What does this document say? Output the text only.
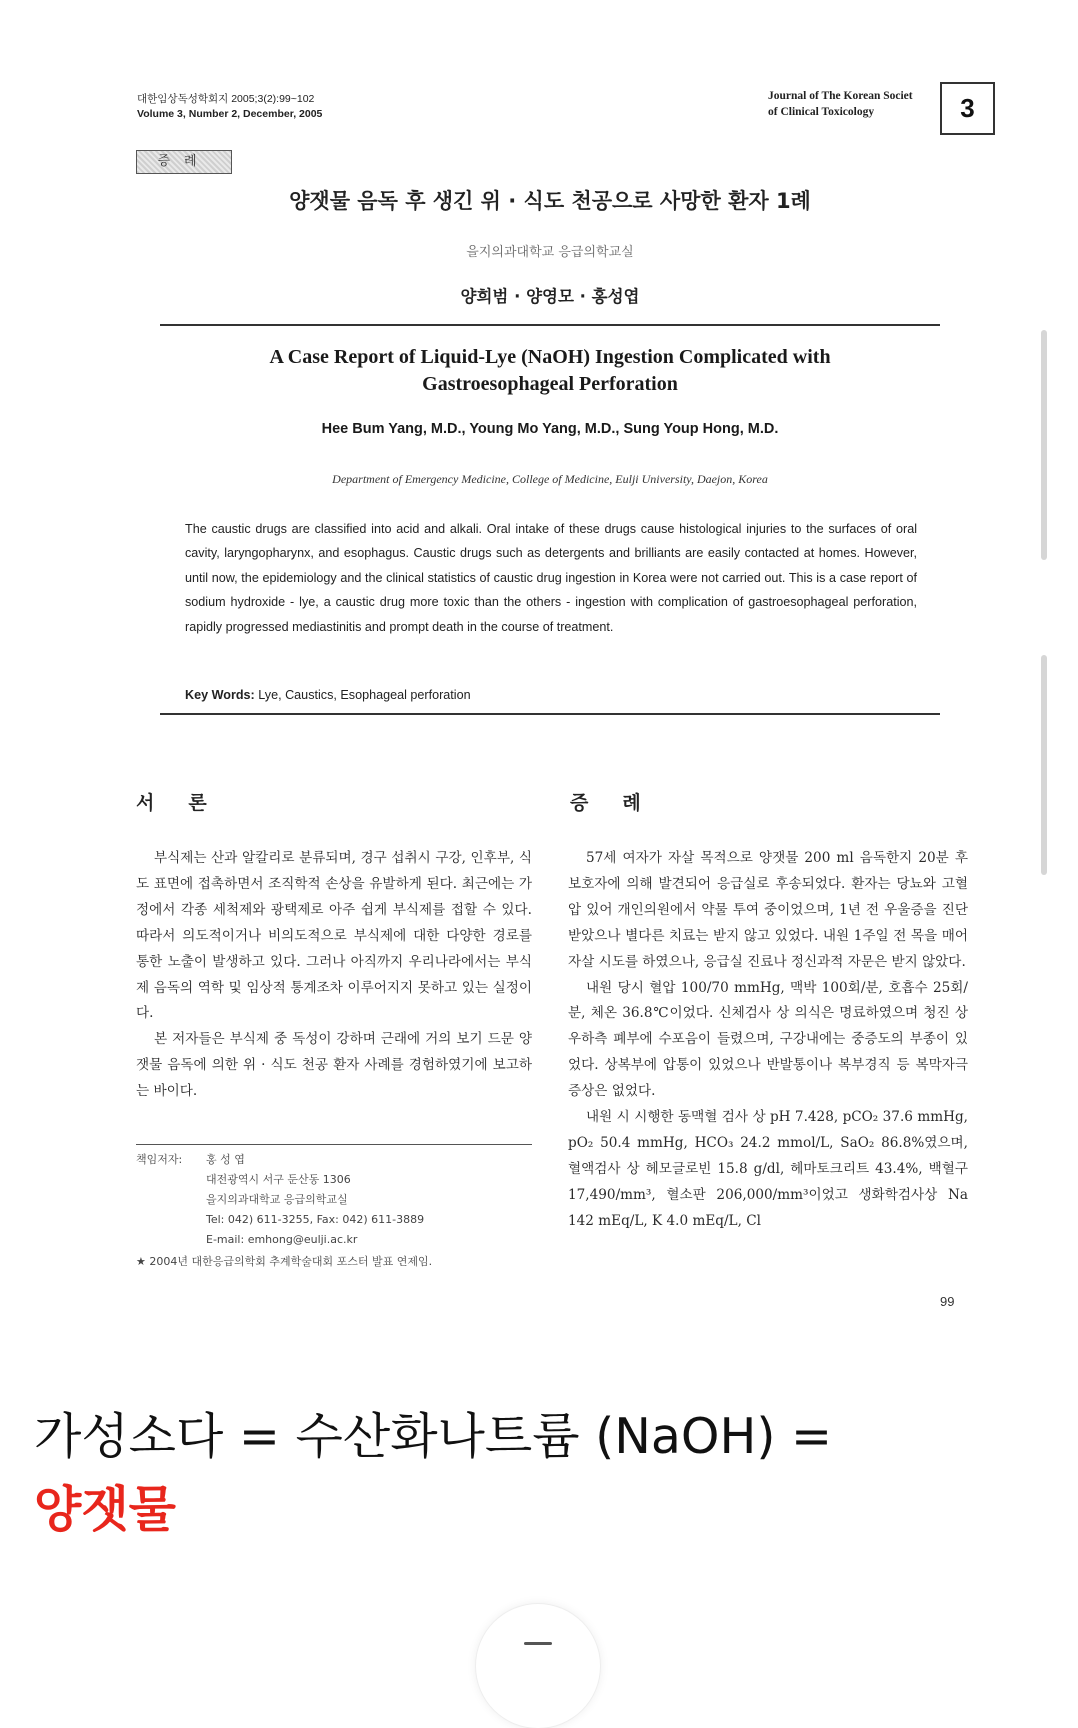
대한임상독성학회지 2005;3(2):99~102
Volume 3, Number 2, December, 2005
Journal of The Korean Societ
of Clinical Toxicology	3
증례
양잿물 음독 후 생긴 위 · 식도 천공으로 사망한 환자 1례
을지의과대학교 응급의학교실
양희범 · 양영모 · 홍성엽
A Case Report of Liquid-Lye (NaOH) Ingestion Complicated with
Gastroesophageal Perforation
Hee Bum Yang, M.D., Young Mo Yang, M.D., Sung Youp Hong, M.D.
Department of Emergency Medicine, College of Medicine, Eulji University, Daejon, Korea
The caustic drugs are classified into acid and alkali. Oral intake of these drugs cause histological injuries to the surfaces of oral cavity, laryngopharynx, and esophagus. Caustic drugs such as detergents and brilliants are easily contacted at homes. However, until now, the epidemiology and the clinical statistics of caustic drug ingestion in Korea were not carried out. This is a case report of sodium hydroxide - lye, a caustic drug more toxic than the others - ingestion with complication of gastroesophageal perforation, rapidly progressed mediastinitis and prompt death in the course of treatment.
Key Words: Lye, Caustics, Esophageal perforation
서론	증례

부식제는 산과 알칼리로 분류되며, 경구 섭취시 구강, 인후부, 식도 표면에 접촉하면서 조직학적 손상을 유발하게 된다. 최근에는 가정에서 각종 세척제와 광택제로 아주 쉽게 부식제를 접할 수 있다. 따라서 의도적이거나 비의도적으로 부식제에 대한 다양한 경로를 통한 노출이 발생하고 있다. 그러나 아직까지 우리나라에서는 부식제 음독의 역학 및 임상적 통계조차 이루어지지 못하고 있는 실정이다.

본 저자들은 부식제 중 독성이 강하며 근래에 거의 보기 드문 양잿물 음독에 의한 위 · 식도 천공 환자 사례를 경험하였기에 보고하는 바이다.

57세 여자가 자살 목적으로 양잿물 200 ml 음독한지 20분 후 보호자에 의해 발견되어 응급실로 후송되었다. 환자는 당뇨와 고혈압 있어 개인의원에서 약물 투여 중이었으며, 1년 전 우울증을 진단받았으나 별다른 치료는 받지 않고 있었다. 내원 1주일 전 목을 매어 자살 시도를 하였으나, 응급실 진료나 정신과적 자문은 받지 않았다.

내원 당시 혈압 100/70 mmHg, 맥박 100회/분, 호흡수 25회/분, 체온 36.8℃이었다. 신체검사 상 의식은 명료하였으며 청진 상 우하측 폐부에 수포음이 들렸으며, 구강내에는 중증도의 부종이 있었다. 상복부에 압통이 있었으나 반발통이나 복부경직 등 복막자극증상은 없었다.

내원 시 시행한 동맥혈 검사 상 pH 7.428, pCO₂ 37.6 mmHg, pO₂ 50.4 mmHg, HCO₃ 24.2 mmol/L, SaO₂ 86.8%였으며, 혈액검사 상 헤모글로빈 15.8 g/dl, 헤마토크리트 43.4%, 백혈구 17,490/mm³, 혈소판 206,000/mm³이었고 생화학검사상 Na 142 mEq/L, K 4.0 mEq/L, Cl

책임저자:	홍 성 엽
대전광역시 서구 둔산동 1306
을지의과대학교 응급의학교실
Tel: 042) 611-3255, Fax: 042) 611-3889
E-mail: emhong@eulji.ac.kr
★ 2004년 대한응급의학회 추계학술대회 포스터 발표 연제임.
99
가성소다 = 수산화나트륨 (NaOH) =
양잿물
